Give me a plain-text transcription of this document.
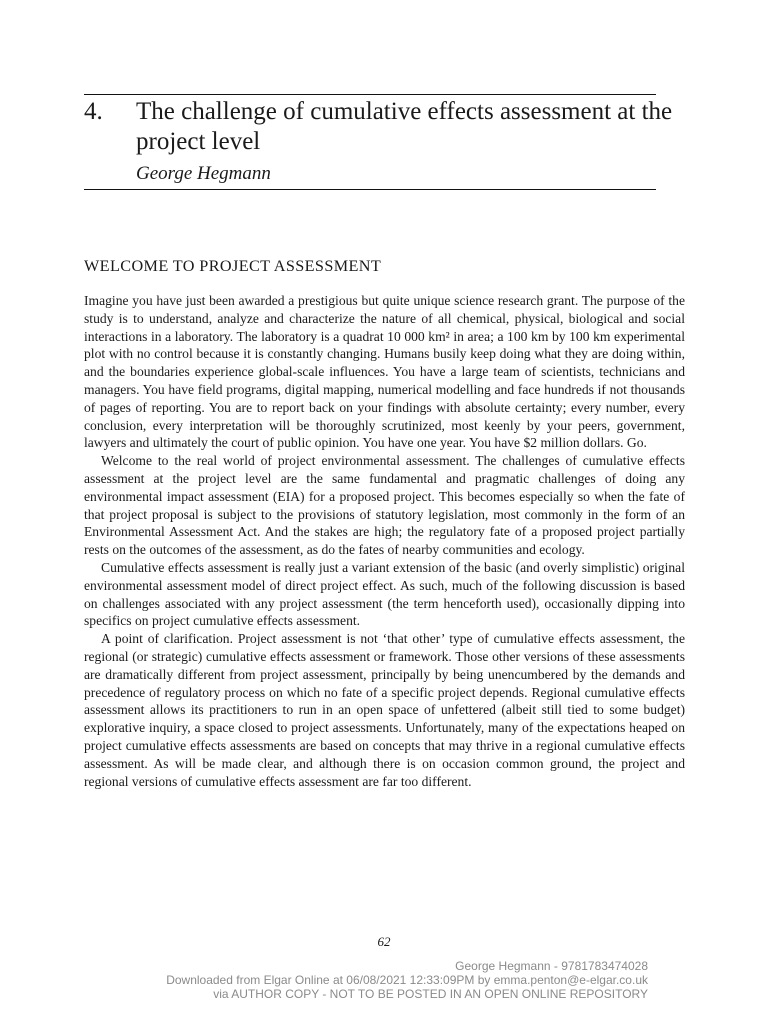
4. The challenge of cumulative effects assessment at the project level
George Hegmann
WELCOME TO PROJECT ASSESSMENT

Imagine you have just been awarded a prestigious but quite unique science research grant. The purpose of the study is to understand, analyze and characterize the nature of all chemical, physical, biological and social interactions in a laboratory. The laboratory is a quadrat 10 000 km² in area; a 100 km by 100 km experimental plot with no control because it is constantly changing. Humans busily keep doing what they are doing within, and the boundaries experience global-scale influences. You have a large team of scientists, technicians and managers. You have field programs, digital mapping, numerical modelling and face hundreds if not thousands of pages of reporting. You are to report back on your findings with absolute certainty; every number, every conclusion, every interpretation will be thoroughly scrutinized, most keenly by your peers, government, lawyers and ultimately the court of public opinion. You have one year. You have $2 million dollars. Go.

Welcome to the real world of project environmental assessment. The challenges of cumulative effects assessment at the project level are the same fundamental and pragmatic challenges of doing any environmental impact assessment (EIA) for a proposed project. This becomes especially so when the fate of that project proposal is subject to the provisions of statutory legislation, most commonly in the form of an Environmental Assessment Act. And the stakes are high; the regulatory fate of a proposed project partially rests on the outcomes of the assessment, as do the fates of nearby communities and ecology.

Cumulative effects assessment is really just a variant extension of the basic (and overly simplistic) original environmental assessment model of direct project effect. As such, much of the following discussion is based on challenges associated with any project assessment (the term henceforth used), occasionally dipping into specifics on project cumulative effects assessment.

A point of clarification. Project assessment is not ‘that other’ type of cumulative effects assessment, the regional (or strategic) cumulative effects assessment or framework. Those other versions of these assessments are dramatically different from project assessment, principally by being unencumbered by the demands and precedence of regulatory process on which no fate of a specific project depends. Regional cumulative effects assessment allows its practitioners to run in an open space of unfettered (albeit still tied to some budget) explorative inquiry, a space closed to project assessments. Unfortunately, many of the expectations heaped on project cumulative effects assessments are based on concepts that may thrive in a regional cumulative effects assessment. As will be made clear, and although there is on occasion common ground, the project and regional versions of cumulative effects assessment are far too different.

62
George Hegmann - 9781783474028
Downloaded from Elgar Online at 06/08/2021 12:33:09PM by emma.penton@e-elgar.co.uk
via AUTHOR COPY - NOT TO BE POSTED IN AN OPEN ONLINE REPOSITORY
